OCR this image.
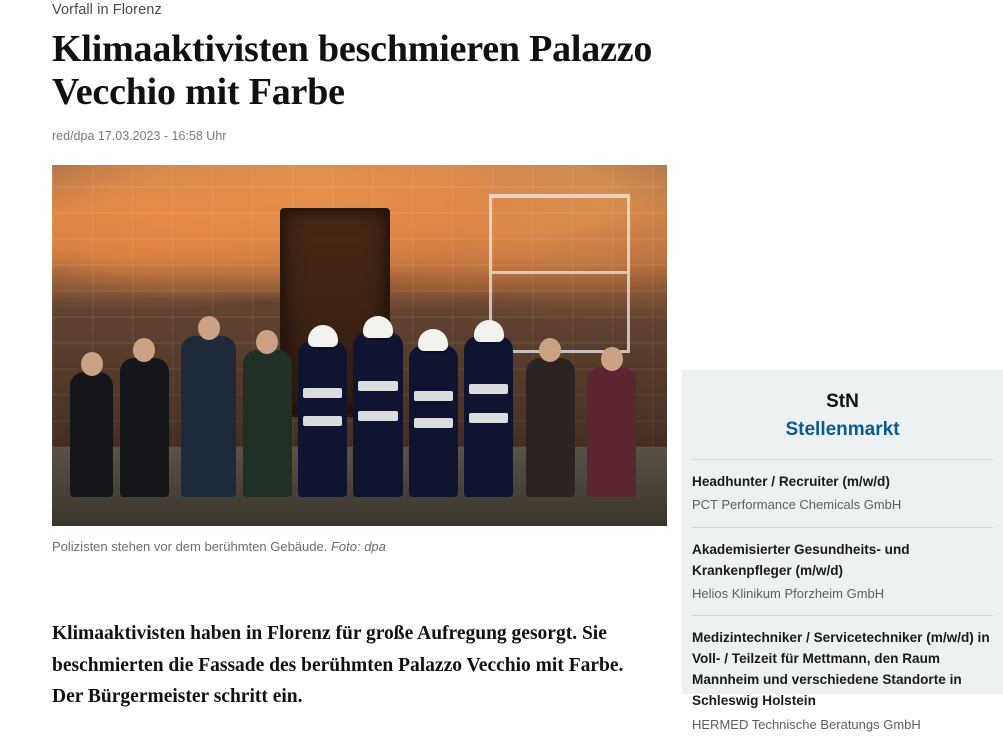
Vorfall in Florenz
Klimaaktivisten beschmieren Palazzo Vecchio mit Farbe
red/dpa 17.03.2023 - 16:58 Uhr
Polizisten stehen vor dem berühmten Gebäude. Foto: dpa

Klimaaktivisten haben in Florenz für große Aufregung gesorgt. Sie beschmierten die Fassade des berühmten Palazzo Vecchio mit Farbe. Der Bürgermeister schritt ein.

StN
Stellenmarkt
Headhunter / Recruiter (m/w/d)
PCT Performance Chemicals GmbH
Akademisierter Gesundheits- und Krankenpfleger (m/w/d)
Helios Klinikum Pforzheim GmbH
Medizintechniker / Servicetechniker (m/w/d) in Voll- / Teilzeit für Mettmann, den Raum Mannheim und verschiedene Standorte in Schleswig Holstein
HERMED Technische Beratungs GmbH
